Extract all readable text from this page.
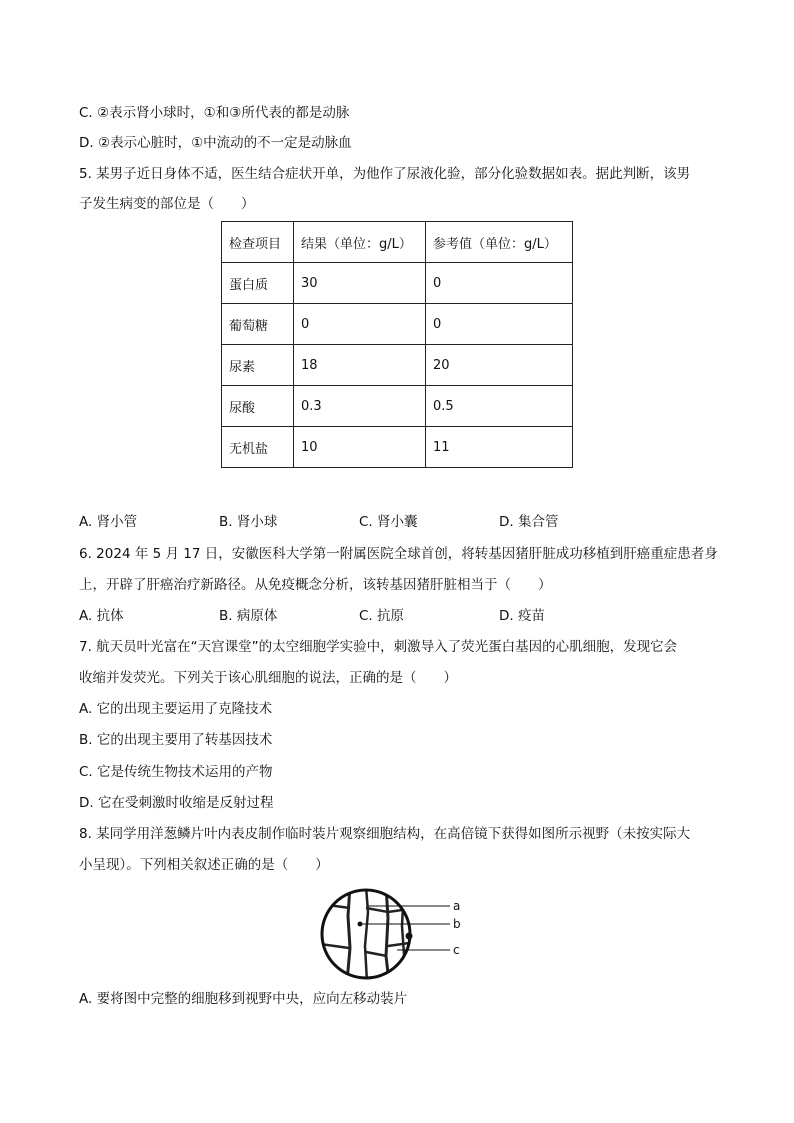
C. ②表示肾小球时，①和③所代表的都是动脉
D. ②表示心脏时，①中流动的不一定是动脉血
5. 某男子近日身体不适，医生结合症状开单，为他作了尿液化验，部分化验数据如表。据此判断，该男
子发生病变的部位是（　　）
检查项目	结果（单位：g/L）	参考值（单位：g/L）
蛋白质	30	0
葡萄糖	0	0
尿素	18	20
尿酸	0.3	0.5
无机盐	10	11
A. 肾小管	B. 肾小球	C. 肾小囊	D. 集合管
6. 2024 年 5 月 17 日，安徽医科大学第一附属医院全球首创，将转基因猪肝脏成功移植到肝癌重症患者身
上，开辟了肝癌治疗新路径。从免疫概念分析，该转基因猪肝脏相当于（　　）
A. 抗体	B. 病原体	C. 抗原	D. 疫苗
7. 航天员叶光富在“天宫课堂”的太空细胞学实验中，刺激导入了荧光蛋白基因的心肌细胞，发现它会
收缩并发荧光。下列关于该心肌细胞的说法，正确的是（　　）
A. 它的出现主要运用了克隆技术
B. 它的出现主要用了转基因技术
C. 它是传统生物技术运用的产物
D. 它在受刺激时收缩是反射过程
8. 某同学用洋葱鳞片叶内表皮制作临时装片观察细胞结构，在高倍镜下获得如图所示视野（未按实际大
小呈现）。下列相关叙述正确的是（　　）
a
b
c
A. 要将图中完整的细胞移到视野中央，应向左移动装片
